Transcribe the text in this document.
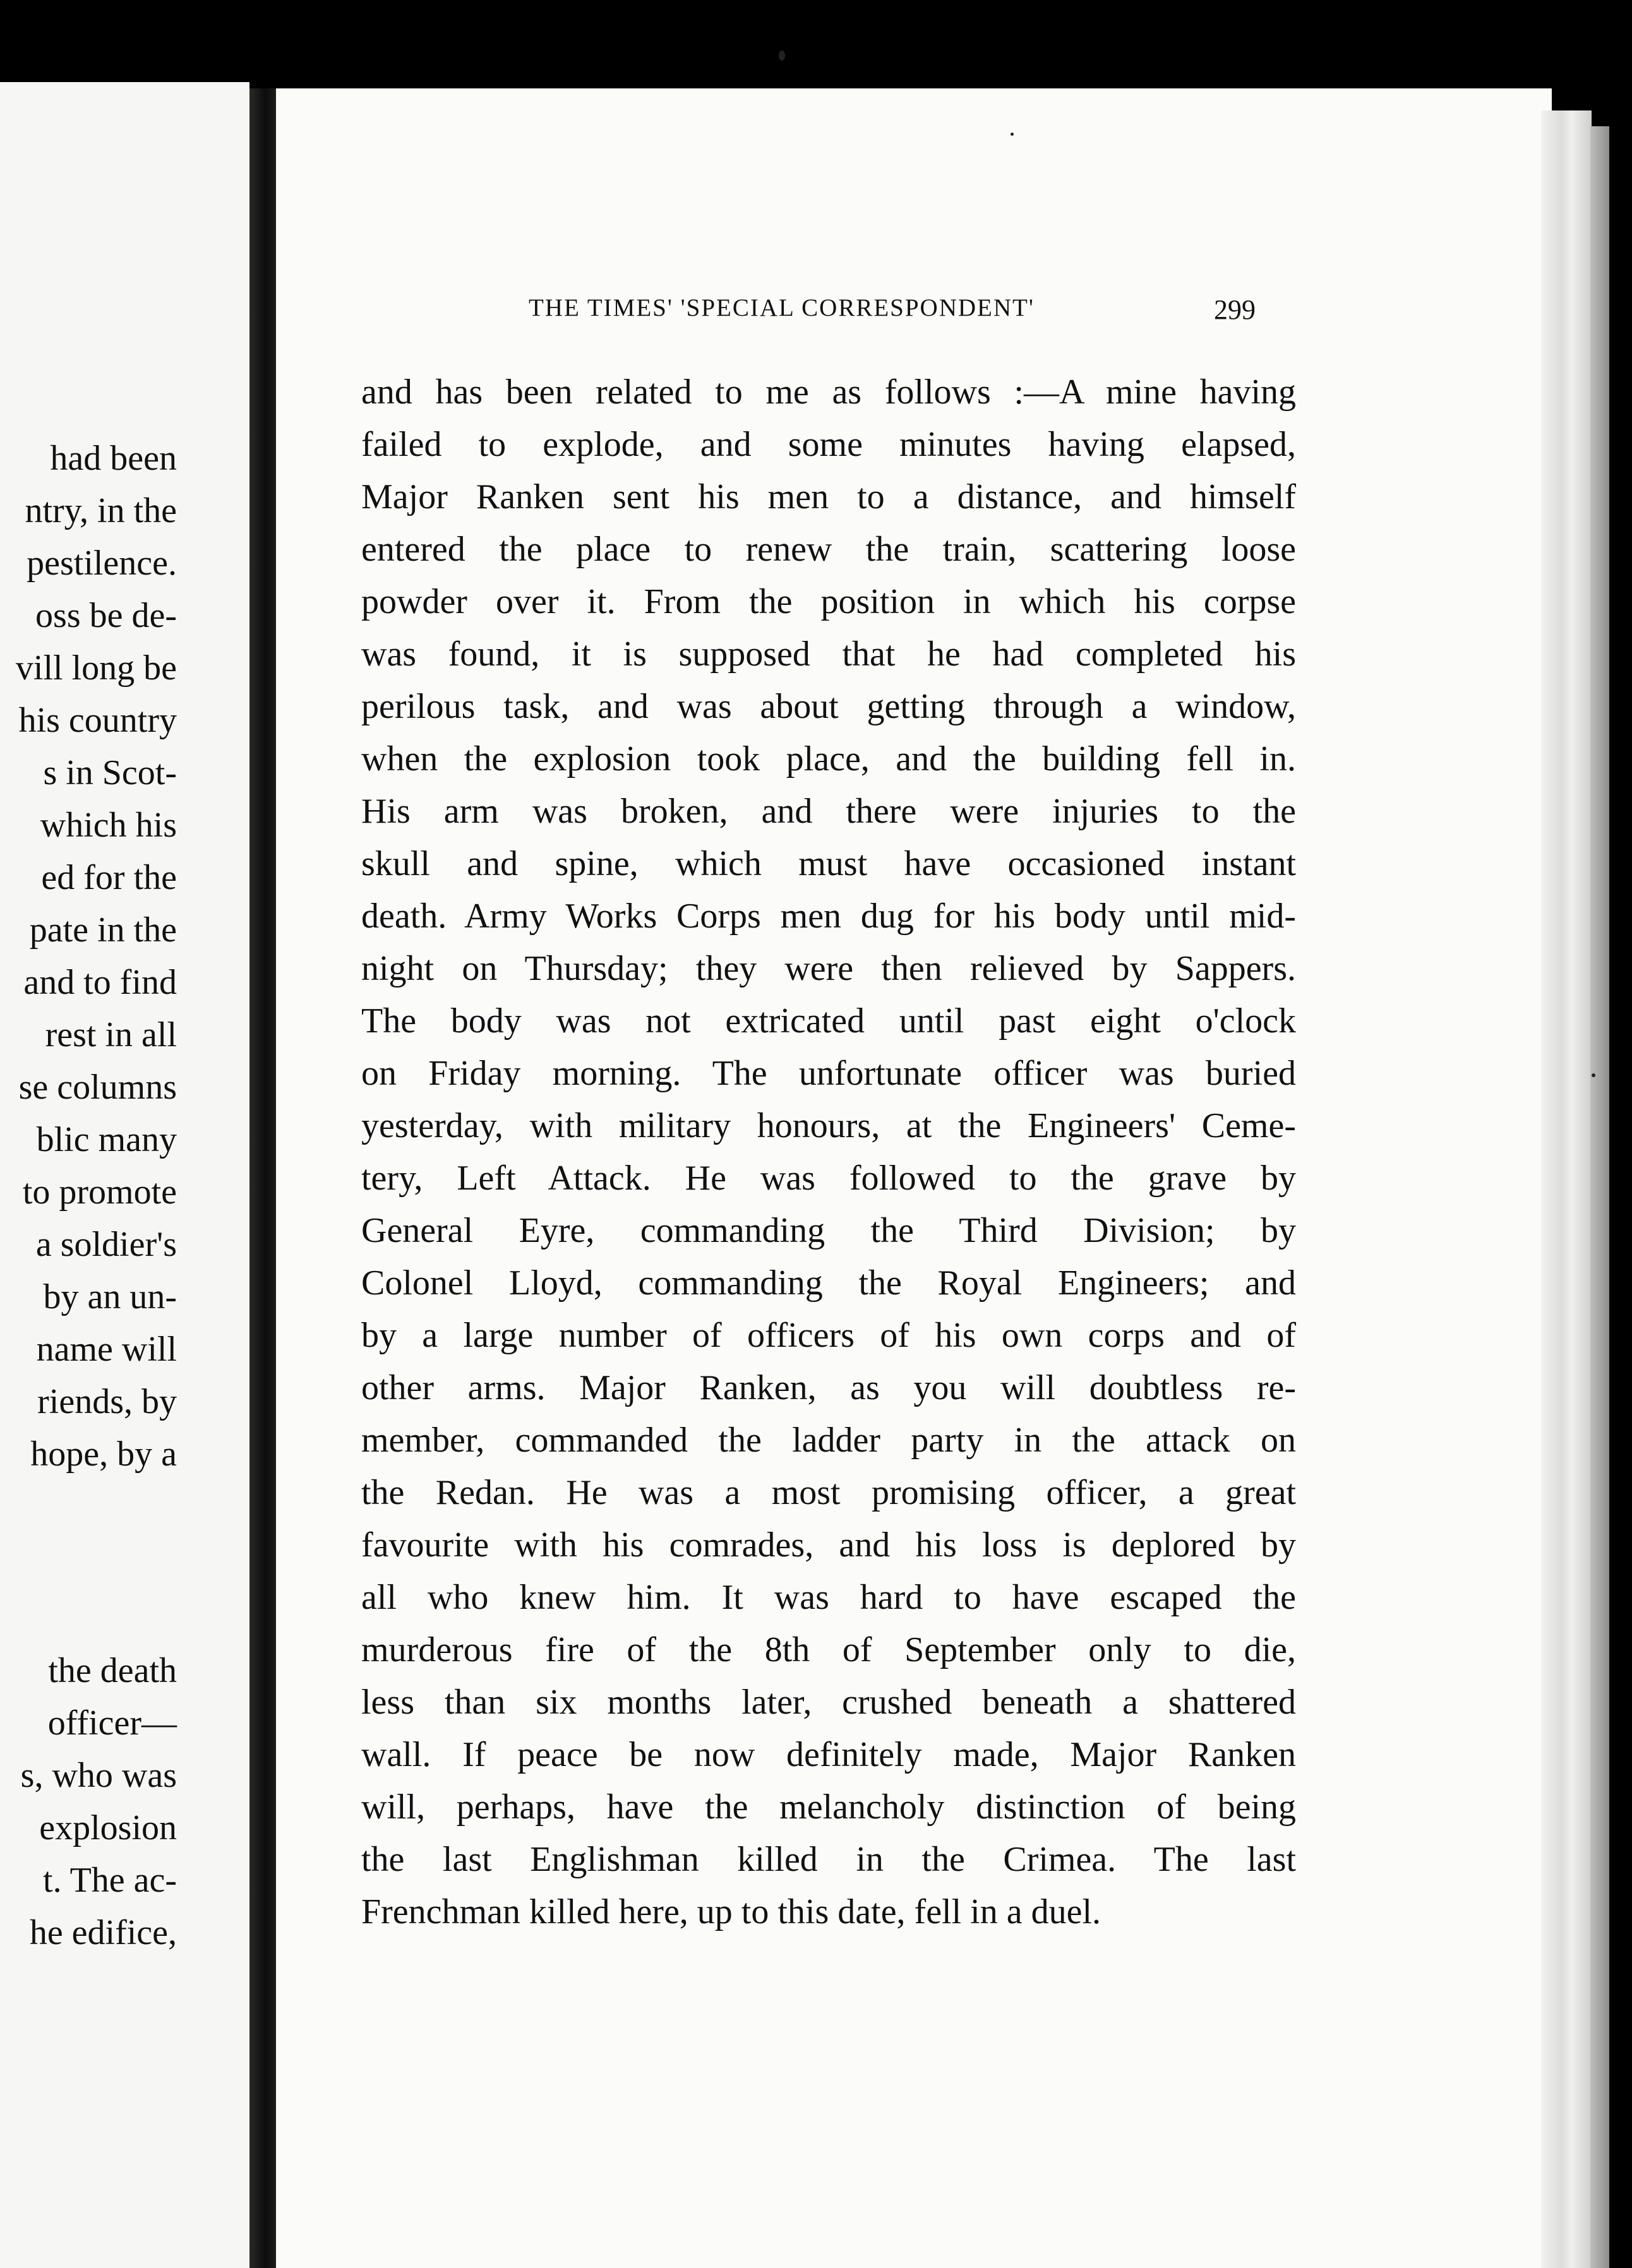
had been
ntry, in the
pestilence.
oss be de-
vill long be
his country
s in Scot-
which his
ed for the
pate in the
and to find
rest in all
se columns
blic many
to promote
a soldier's
by an un-
name will
riends, by
hope, by a
the death
officer—
s, who was
explosion
t. The ac-
he edifice,
THE TIMES' 'SPECIAL CORRESPONDENT'	299
and has been related to me as follows :—A mine having
failed to explode, and some minutes having elapsed,
Major Ranken sent his men to a distance, and himself
entered the place to renew the train, scattering loose
powder over it. From the position in which his corpse
was found, it is supposed that he had completed his
perilous task, and was about getting through a window,
when the explosion took place, and the building fell in.
His arm was broken, and there were injuries to the
skull and spine, which must have occasioned instant
death. Army Works Corps men dug for his body until mid-
night on Thursday; they were then relieved by Sappers.
The body was not extricated until past eight o'clock
on Friday morning. The unfortunate officer was buried
yesterday, with military honours, at the Engineers' Ceme-
tery, Left Attack. He was followed to the grave by
General Eyre, commanding the Third Division; by
Colonel Lloyd, commanding the Royal Engineers; and
by a large number of officers of his own corps and of
other arms. Major Ranken, as you will doubtless re-
member, commanded the ladder party in the attack on
the Redan. He was a most promising officer, a great
favourite with his comrades, and his loss is deplored by
all who knew him. It was hard to have escaped the
murderous fire of the 8th of September only to die,
less than six months later, crushed beneath a shattered
wall. If peace be now definitely made, Major Ranken
will, perhaps, have the melancholy distinction of being
the last Englishman killed in the Crimea. The last
Frenchman killed here, up to this date, fell in a duel.
